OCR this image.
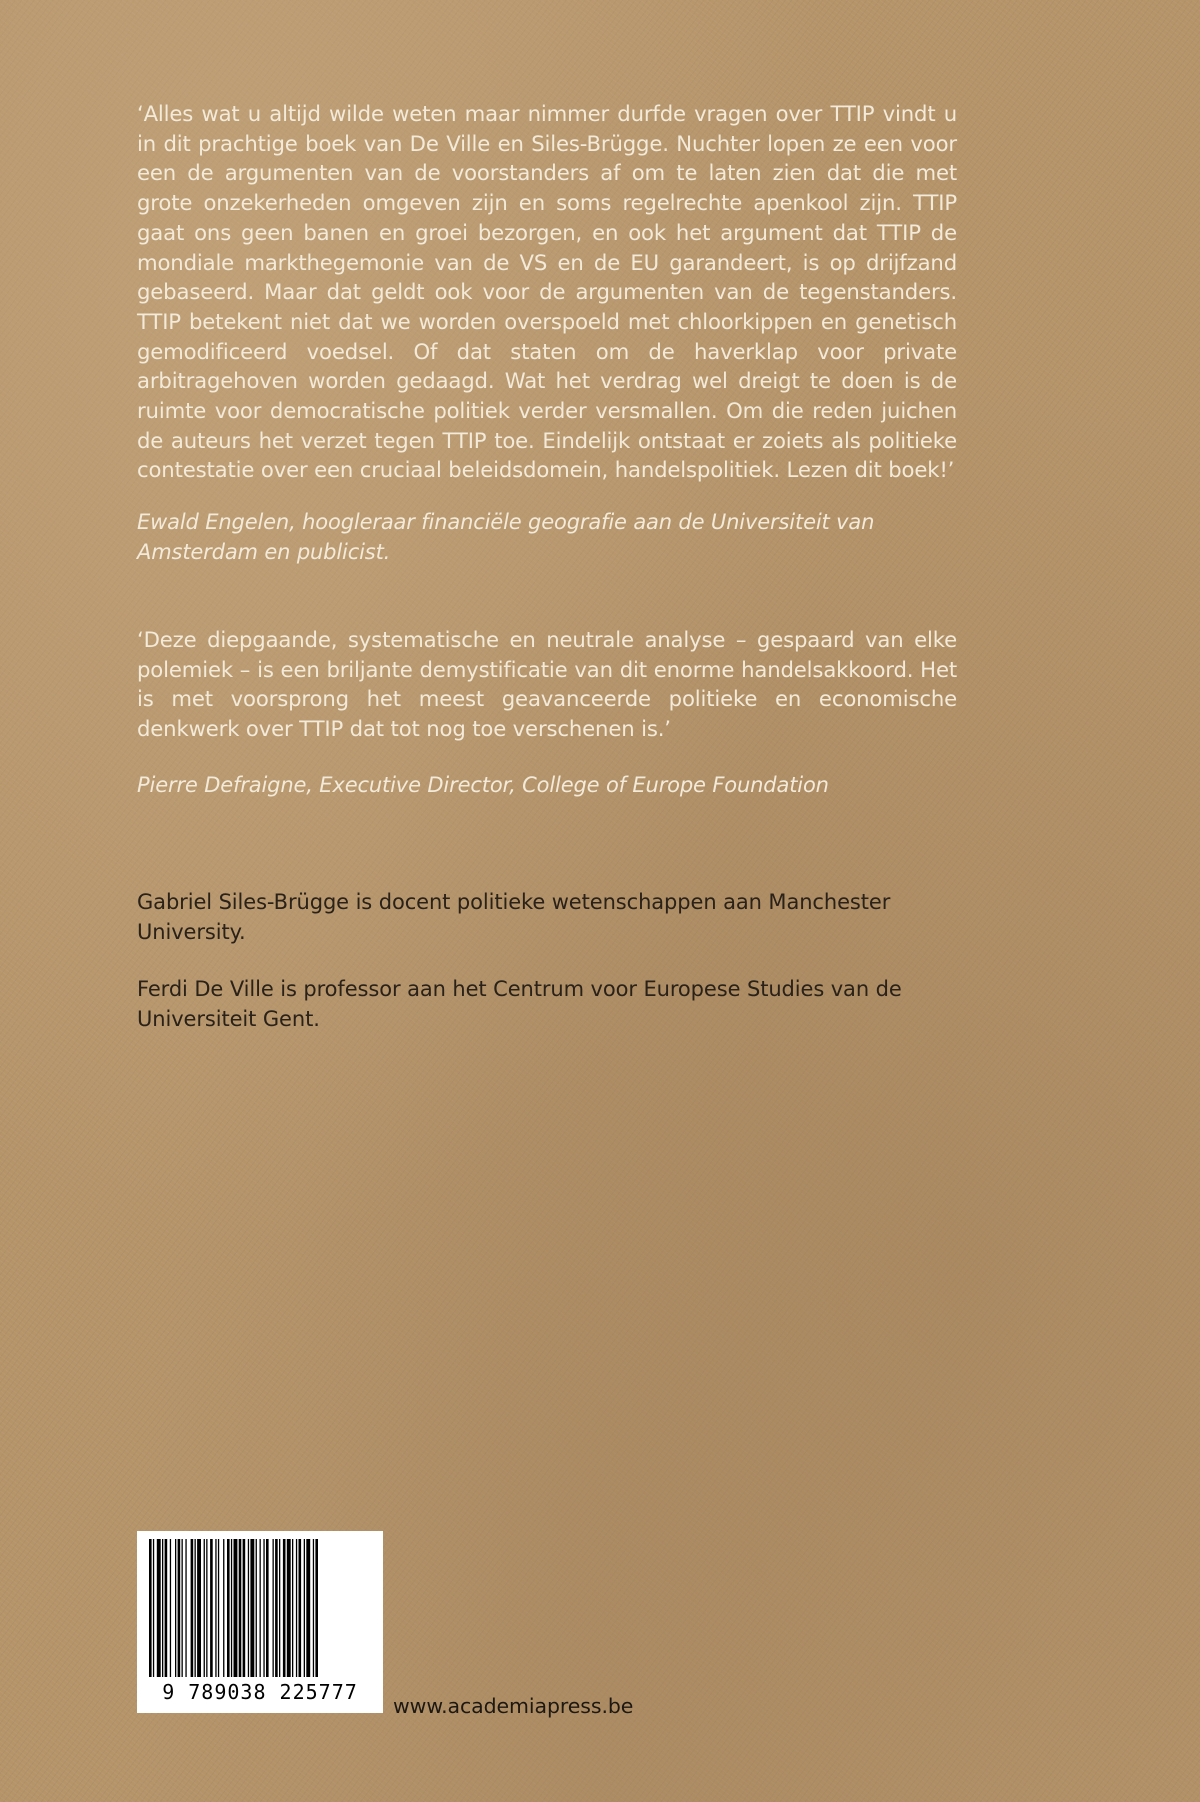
‘Alles wat u altijd wilde weten maar nimmer durfde vragen over TTIP vindt u in dit prachtige boek van De Ville en Siles-Brügge. Nuchter lopen ze een voor een de argumenten van de voorstanders af om te laten zien dat die met grote onzekerheden omgeven zijn en soms regelrechte apenkool zijn. TTIP gaat ons geen banen en groei bezorgen, en ook het argument dat TTIP de mondiale markthegemonie van de VS en de EU garandeert, is op drijfzand gebaseerd. Maar dat geldt ook voor de argumenten van de tegenstanders. TTIP betekent niet dat we worden overspoeld met chloorkippen en genetisch gemodificeerd voedsel. Of dat staten om de haverklap voor private arbitragehoven worden gedaagd. Wat het verdrag wel dreigt te doen is de ruimte voor democratische politiek verder versmallen. Om die reden juichen de auteurs het verzet tegen TTIP toe. Eindelijk ontstaat er zoiets als politieke contestatie over een cruciaal beleidsdomein, handelspolitiek. Lezen dit boek!’

Ewald Engelen, hoogleraar financiële geografie aan de Universiteit van Amsterdam en publicist.

‘Deze diepgaande, systematische en neutrale analyse – gespaard van elke polemiek – is een briljante demystificatie van dit enorme handelsakkoord. Het is met voorsprong het meest geavanceerde politieke en economische denkwerk over TTIP dat tot nog toe verschenen is.’

Pierre Defraigne, Executive Director, College of Europe Foundation

Gabriel Siles-Brügge is docent politieke wetenschappen aan Manchester University.

Ferdi De Ville is professor aan het Centrum voor Europese Studies van de Universiteit Gent.

9 789038 225777
www.academiapress.be
